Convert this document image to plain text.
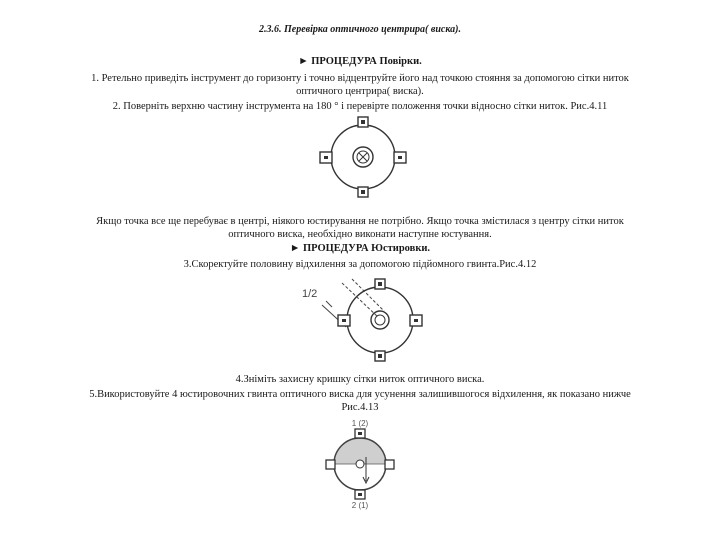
2.3.6. Перевірка оптичного центрира( виска).
► ПРОЦЕДУРА Повірки.
1. Ретельно приведіть інструмент до горизонту і точно відцентруйте його над точкою стояння за допомогою сітки ниток
оптичного центрира( виска).
2. Поверніть верхню частину інструмента на 180 ° і перевірте положення точки відносно сітки ниток. Рис.4.11
Якщо точка все ще перебуває в центрі, ніякого юстирування не потрібно. Якщо точка змістилася з центру сітки ниток
оптичного виска, необхідно виконати наступне юстування.
► ПРОЦЕДУРА Юстировки.
3.Скоректуйте половину відхилення за допомогою підйомного гвинта.Рис.4.12
1/2
4.Зніміть захисну кришку сітки ниток оптичного виска.
5.Використовуйте 4 юстировочних гвинта оптичного виска для усунення залишившогося відхилення, як показано нижче
Рис.4.13
1 (2)
2 (1)
